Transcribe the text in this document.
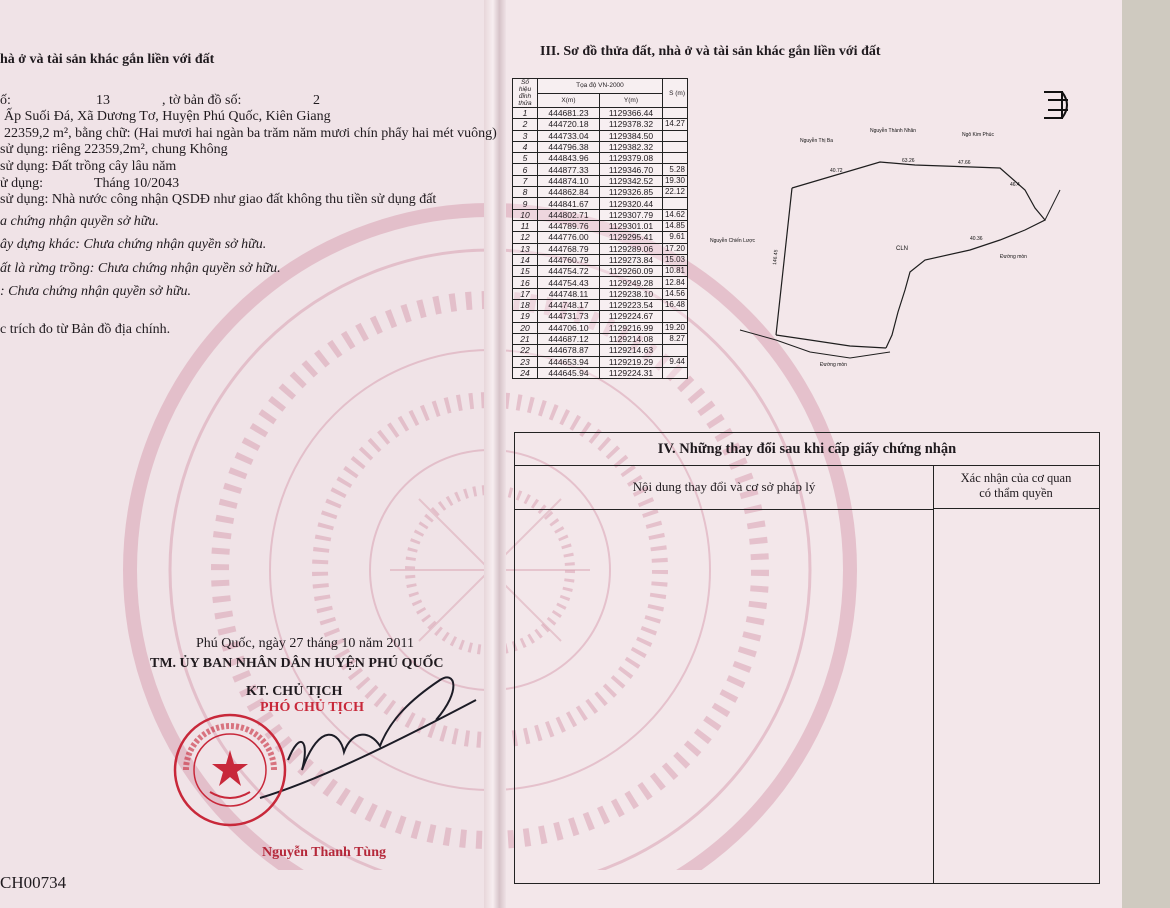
hà ở và tài sản khác gắn liền với đất
ố:	13	, tờ bản đồ số:	2
Ấp Suối Đá, Xã Dương Tơ, Huyện Phú Quốc, Kiên Giang
22359,2 m², bằng chữ: (Hai mươi hai ngàn ba trăm năm mươi chín phẩy hai mét vuông)
sử dụng: riêng 22359,2m², chung Không
sử dụng: Đất trồng cây lâu năm
ử dụng:	Tháng 10/2043
sử dụng: Nhà nước công nhận QSDĐ như giao đất không thu tiền sử dụng đất
a chứng nhận quyền sở hữu.
ây dựng khác: Chưa chứng nhận quyền sở hữu.
ất là rừng trồng: Chưa chứng nhận quyền sở hữu.
: Chưa chứng nhận quyền sở hữu.
c trích đo từ Bản đồ địa chính.
Phú Quốc, ngày 27 tháng 10 năm 2011
TM. ỦY BAN NHÂN DÂN HUYỆN PHÚ QUỐC
KT. CHỦ TỊCH
PHÓ CHỦ TỊCH
Nguyễn Thanh Tùng
CH00734
III. Sơ đồ thửa đất, nhà ở và tài sản khác gắn liền với đất
Số hiệu đỉnh thửa	Tọa độ VN-2000		S (m)
	X(m)	Y(m)	
1	444681.23	1129366.44	
2	444720.18	1129378.32	14.27
3	444733.04	1129384.50	
4	444796.38	1129382.32	
5	444843.96	1129379.08	
6	444877.33	1129346.70	5.28
7	444874.10	1129342.52	19.30
8	444862.84	1129326.85	22.12
9	444841.67	1129320.44	
10	444802.71	1129307.79	14.62
11	444789.76	1129301.01	14.85
12	444776.00	1129295.41	9.61
13	444768.79	1129289.06	17.20
14	444760.79	1129273.84	15.03
15	444754.72	1129260.09	10.81
16	444754.43	1129249.28	12.84
17	444748.11	1129238.10	14.56
18	444748.17	1129223.54	16.48
19	444731.73	1129224.67	
20	444706.10	1129216.99	19.20
21	444687.12	1129214.08	8.27
22	444678.87	1129214.63	
23	444653.94	1129219.29	9.44
24	444645.94	1129224.31	
Nguyễn Thị Ba
Nguyễn Thành Nhân
Ngô Kim Phúc
Nguyễn Chiến Lược
CLN
Đường mòn
Đường mòn
40.72
63.26	47.66
46.4
40.36
146.45
IV. Những thay đổi sau khi cấp giấy chứng nhận
Nội dung thay đổi và cơ sở pháp lý
Xác nhận của cơ quan
có thẩm quyền
